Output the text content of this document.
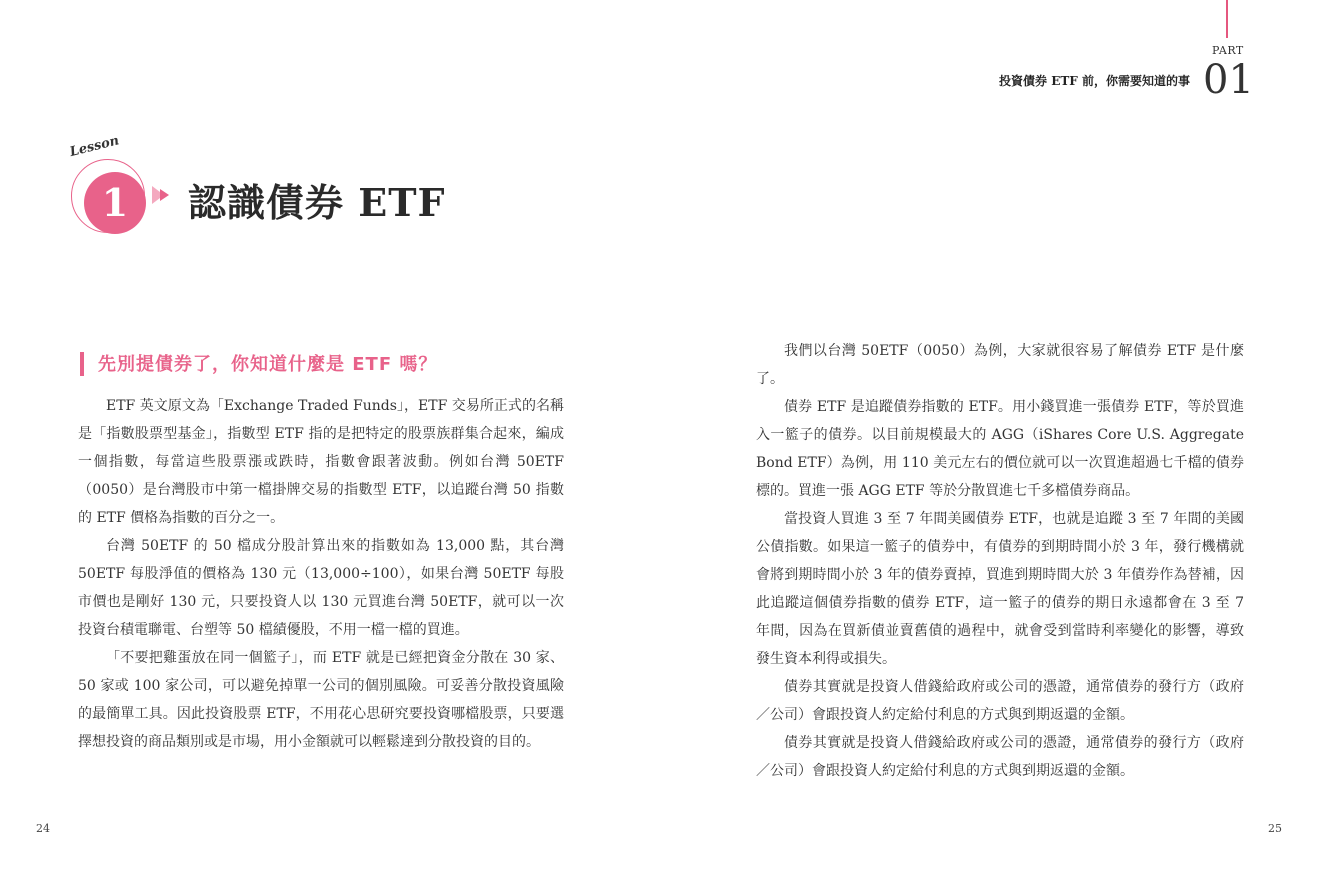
PART
投資債券 ETF 前，你需要知道的事 01
1
Lesson
認識債券 ETF
先別提債券了，你知道什麼是 ETF 嗎？

ETF 英文原文為「Exchange Traded Funds」，ETF 交易所正式的名稱是「指數股票型基金」，指數型 ETF 指的是把特定的股票族群集合起來，編成一個指數，每當這些股票漲或跌時，指數會跟著波動。例如台灣 50ETF（0050）是台灣股市中第一檔掛牌交易的指數型 ETF，以追蹤台灣 50 指數的 ETF 價格為指數的百分之一。

台灣 50ETF 的 50 檔成分股計算出來的指數如為 13,000 點，其台灣 50ETF 每股淨值的價格為 130 元（13,000÷100），如果台灣 50ETF 每股市價也是剛好 130 元，只要投資人以 130 元買進台灣 50ETF，就可以一次投資台積電聯電、台塑等 50 檔績優股，不用一檔一檔的買進。

「不要把雞蛋放在同一個籃子」，而 ETF 就是已經把資金分散在 30 家、50 家或 100 家公司，可以避免掉單一公司的個別風險。可妥善分散投資風險的最簡單工具。因此投資股票 ETF，不用花心思研究要投資哪檔股票，只要選擇想投資的商品類別或是市場，用小金額就可以輕鬆達到分散投資的目的。

我們以台灣 50ETF（0050）為例，大家就很容易了解債券 ETF 是什麼了。

債券 ETF 是追蹤債券指數的 ETF。用小錢買進一張債券 ETF，等於買進入一籃子的債券。以目前規模最大的 AGG（iShares Core U.S. Aggregate Bond ETF）為例，用 110 美元左右的價位就可以一次買進超過七千檔的債券標的。買進一張 AGG ETF 等於分散買進七千多檔債券商品。

當投資人買進 3 至 7 年間美國債券 ETF，也就是追蹤 3 至 7 年間的美國公債指數。如果這一籃子的債券中，有債券的到期時間小於 3 年，發行機構就會將到期時間小於 3 年的債券賣掉，買進到期時間大於 3 年債券作為替補，因此追蹤這個債券指數的債券 ETF，這一籃子的債券的期日永遠都會在 3 至 7 年間，因為在買新債並賣舊債的過程中，就會受到當時利率變化的影響，導致發生資本利得或損失。

債券其實就是投資人借錢給政府或公司的憑證，通常債券的發行方（政府／公司）會跟投資人約定給付利息的方式與到期返還的金額。

債券其實就是投資人借錢給政府或公司的憑證，通常債券的發行方（政府／公司）會跟投資人約定給付利息的方式與到期返還的金額。

24	25
